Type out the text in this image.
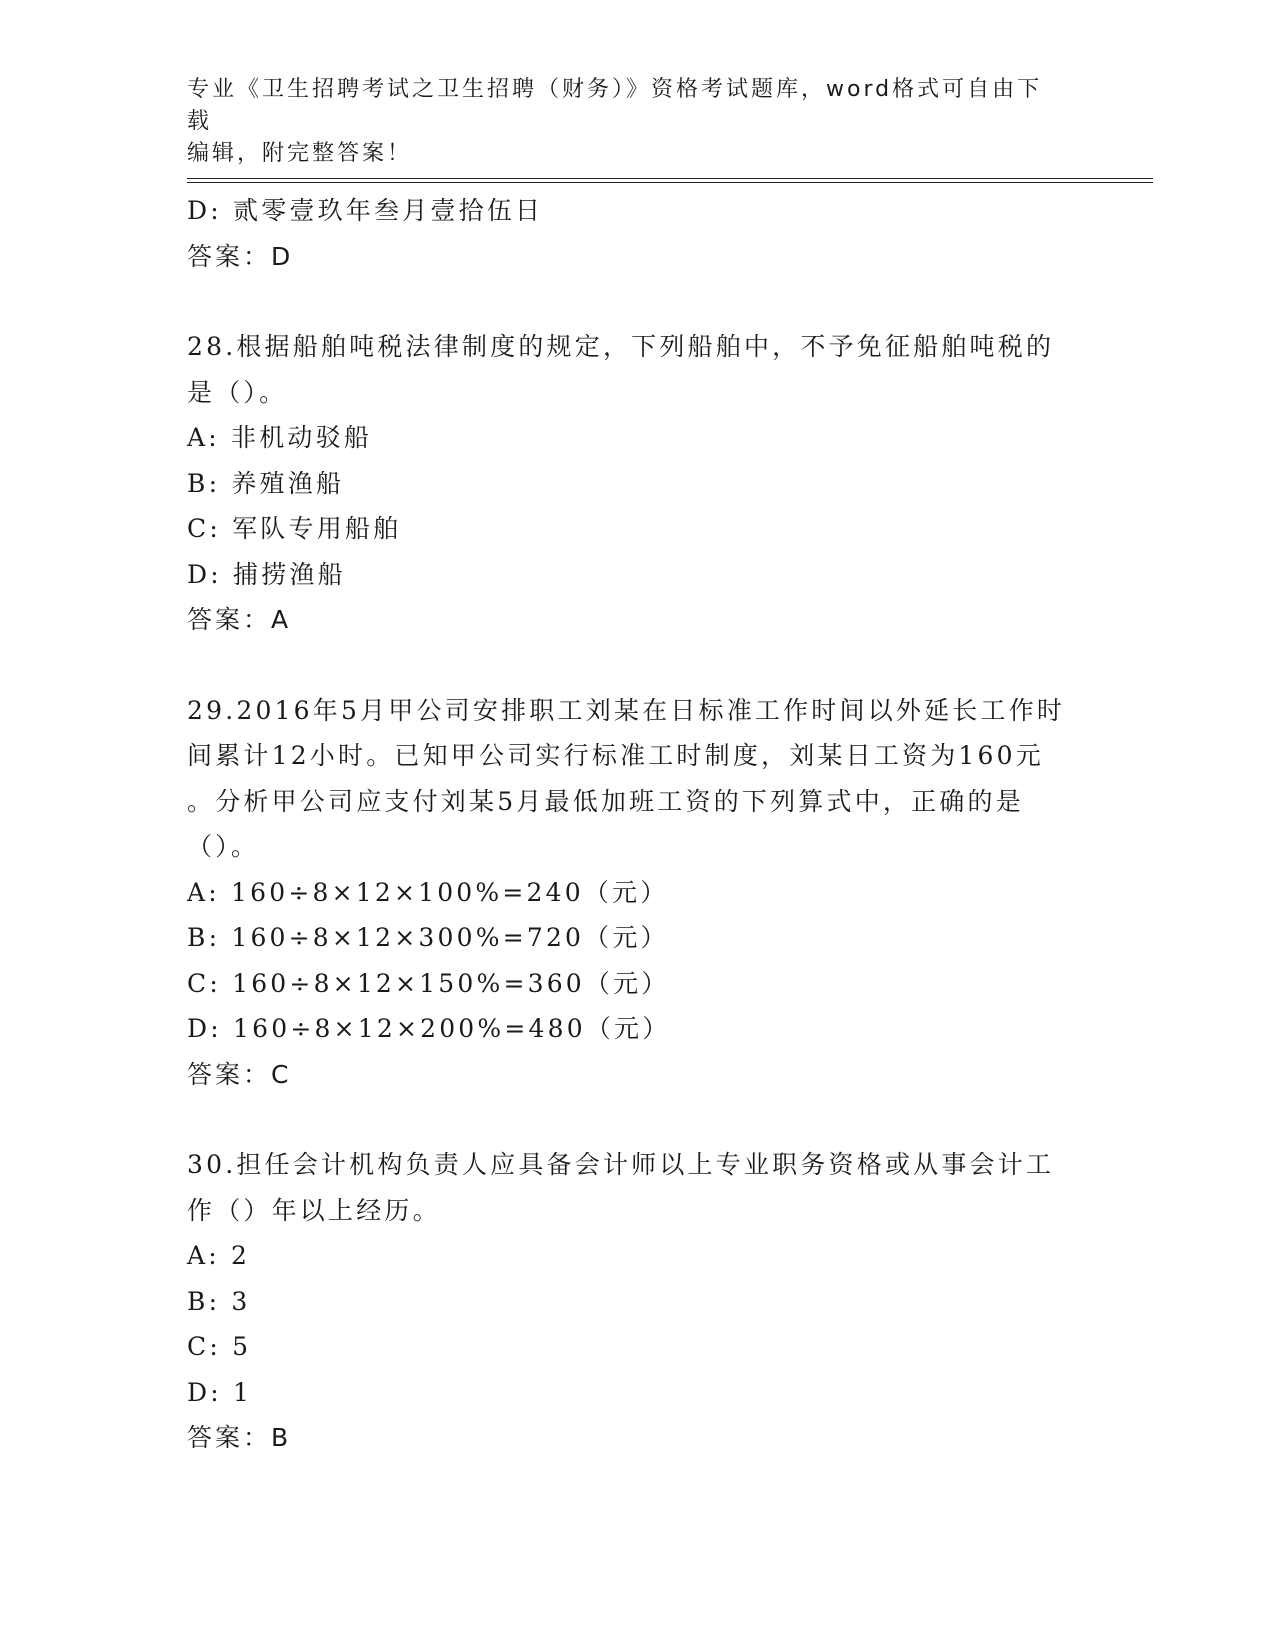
专业《卫生招聘考试之卫生招聘（财务）》资格考试题库，word格式可自由下载
编辑，附完整答案！
D: 贰零壹玖年叁月壹拾伍日
答案：D
28.根据船舶吨税法律制度的规定，下列船舶中，不予免征船舶吨税的
是（）。
A: 非机动驳船
B: 养殖渔船
C: 军队专用船舶
D: 捕捞渔船
答案：A
29.2016年5月甲公司安排职工刘某在日标准工作时间以外延长工作时
间累计12小时。已知甲公司实行标准工时制度，刘某日工资为160元
。分析甲公司应支付刘某5月最低加班工资的下列算式中，正确的是
（）。
A: 160÷8×12×100%=240（元）
B: 160÷8×12×300%=720（元）
C: 160÷8×12×150%=360（元）
D: 160÷8×12×200%=480（元）
答案：C
30.担任会计机构负责人应具备会计师以上专业职务资格或从事会计工
作（）年以上经历。
A: 2
B: 3
C: 5
D: 1
答案：B
